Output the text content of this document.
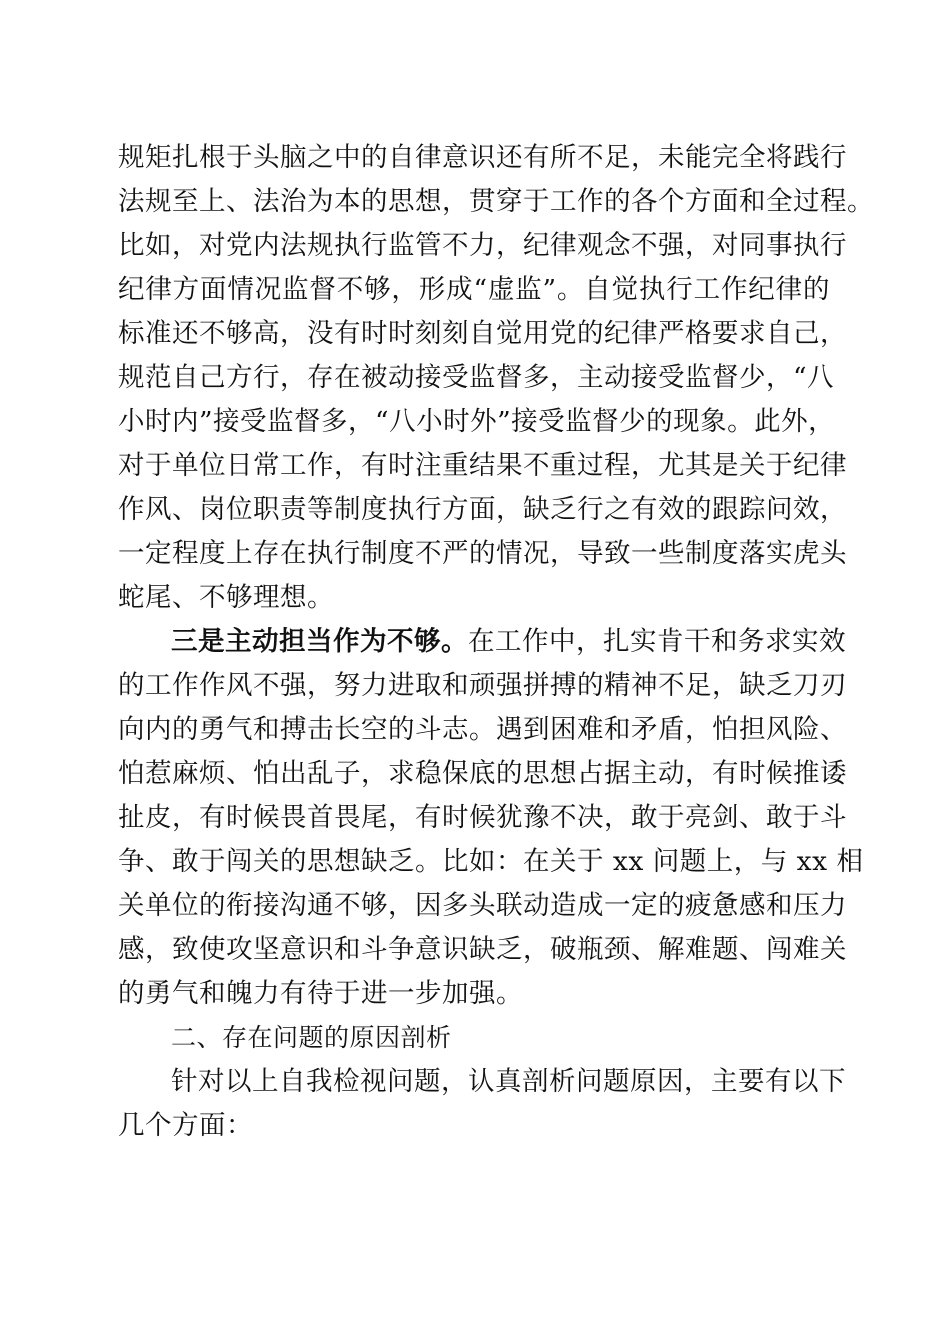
规矩扎根于头脑之中的自律意识还有所不足，未能完全将践行
法规至上、法治为本的思想，贯穿于工作的各个方面和全过程。
比如，对党内法规执行监管不力，纪律观念不强，对同事执行
纪律方面情况监督不够，形成“虚监”。自觉执行工作纪律的
标准还不够高，没有时时刻刻自觉用党的纪律严格要求自己，
规范自己方行，存在被动接受监督多，主动接受监督少，“八
小时内”接受监督多，“八小时外”接受监督少的现象。此外，
对于单位日常工作，有时注重结果不重过程，尤其是关于纪律
作风、岗位职责等制度执行方面，缺乏行之有效的跟踪问效，
一定程度上存在执行制度不严的情况，导致一些制度落实虎头
蛇尾、不够理想。
三是主动担当作为不够。在工作中，扎实肯干和务求实效
的工作作风不强，努力进取和顽强拼搏的精神不足，缺乏刀刃
向内的勇气和搏击长空的斗志。遇到困难和矛盾，怕担风险、
怕惹麻烦、怕出乱子，求稳保底的思想占据主动，有时候推诿
扯皮，有时候畏首畏尾，有时候犹豫不决，敢于亮剑、敢于斗
争、敢于闯关的思想缺乏。比如：在关于 xx 问题上，与 xx 相
关单位的衔接沟通不够，因多头联动造成一定的疲惫感和压力
感，致使攻坚意识和斗争意识缺乏，破瓶颈、解难题、闯难关
的勇气和魄力有待于进一步加强。
二、存在问题的原因剖析
针对以上自我检视问题，认真剖析问题原因，主要有以下
几个方面：
